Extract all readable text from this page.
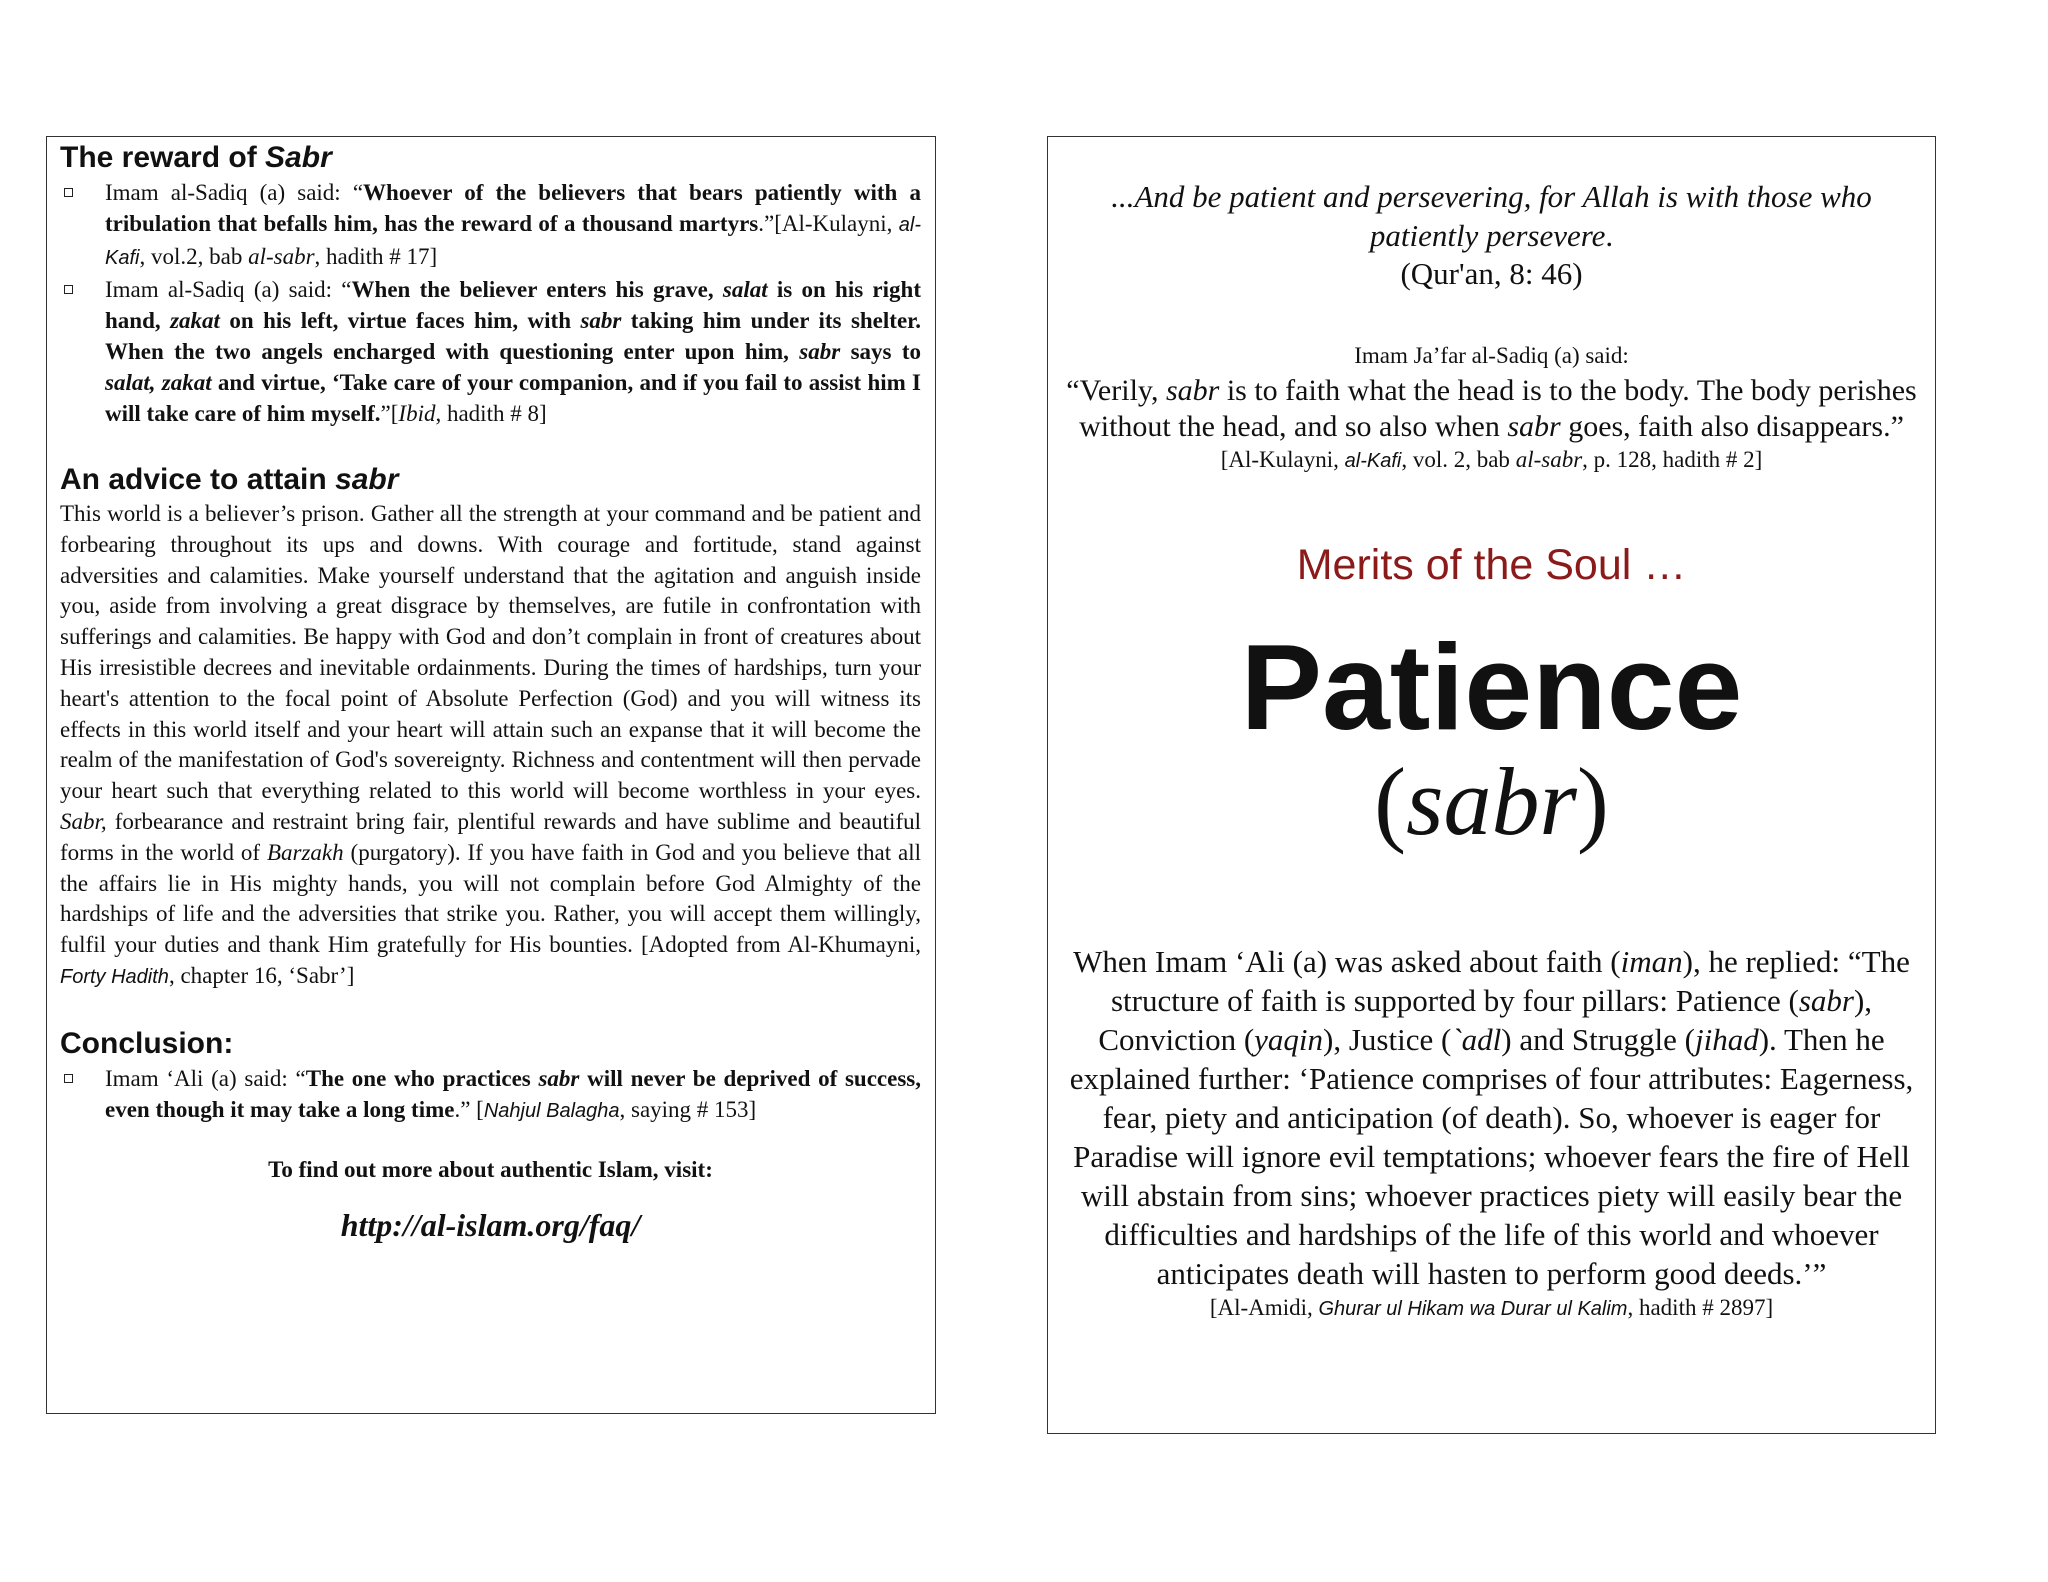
The reward of Sabr
Imam al-Sadiq (a) said: “Whoever of the believers that bears patiently with a tribulation that befalls him, has the reward of a thousand martyrs.”[Al-Kulayni, al-Kafi, vol.2, bab al-sabr, hadith # 17]
Imam al-Sadiq (a) said: “When the believer enters his grave, salat is on his right hand, zakat on his left, virtue faces him, with sabr taking him under its shelter. When the two angels encharged with questioning enter upon him, sabr says to salat, zakat and virtue, ‘Take care of your companion, and if you fail to assist him I will take care of him myself.”[Ibid, hadith # 8]
An advice to attain sabr

This world is a believer’s prison. Gather all the strength at your command and be patient and forbearing throughout its ups and downs. With courage and fortitude, stand against adversities and calamities. Make yourself understand that the agitation and anguish inside you, aside from involving a great disgrace by themselves, are futile in confrontation with sufferings and calamities. Be happy with God and don’t complain in front of creatures about His irresistible decrees and inevitable ordainments. During the times of hardships, turn your heart's attention to the focal point of Absolute Perfection (God) and you will witness its effects in this world itself and your heart will attain such an expanse that it will become the realm of the manifestation of God's sovereignty. Richness and contentment will then pervade your heart such that everything related to this world will become worthless in your eyes. Sabr, forbearance and restraint bring fair, plentiful rewards and have sublime and beautiful forms in the world of Barzakh (purgatory). If you have faith in God and you believe that all the affairs lie in His mighty hands, you will not complain before God Almighty of the hardships of life and the adversities that strike you. Rather, you will accept them willingly, fulfil your duties and thank Him gratefully for His bounties. [Adopted from Al-Khumayni, Forty Hadith, chapter 16, ‘Sabr’]

Conclusion:
Imam ‘Ali (a) said: “The one who practices sabr will never be deprived of success, even though it may take a long time.” [Nahjul Balagha, saying # 153]

To find out more about authentic Islam, visit:

http://al-islam.org/faq/

...And be patient and persevering, for Allah is with those who patiently persevere.

(Qur'an, 8: 46)

Imam Ja’far al-Sadiq (a) said:

“Verily, sabr is to faith what the head is to the body. The body perishes without the head, and so also when sabr goes, faith also disappears.”

[Al-Kulayni, al-Kafi, vol. 2, bab al-sabr, p. 128, hadith # 2]

Merits of the Soul …

Patience

(sabr)

When Imam ‘Ali (a) was asked about faith (iman), he replied: “The structure of faith is supported by four pillars: Patience (sabr), Conviction (yaqin), Justice (`adl) and Struggle (jihad). Then he explained further: ‘Patience comprises of four attributes: Eagerness, fear, piety and anticipation (of death). So, whoever is eager for Paradise will ignore evil temptations; whoever fears the fire of Hell will abstain from sins; whoever practices piety will easily bear the difficulties and hardships of the life of this world and whoever anticipates death will hasten to perform good deeds.’”

[Al-Amidi, Ghurar ul Hikam wa Durar ul Kalim, hadith # 2897]
